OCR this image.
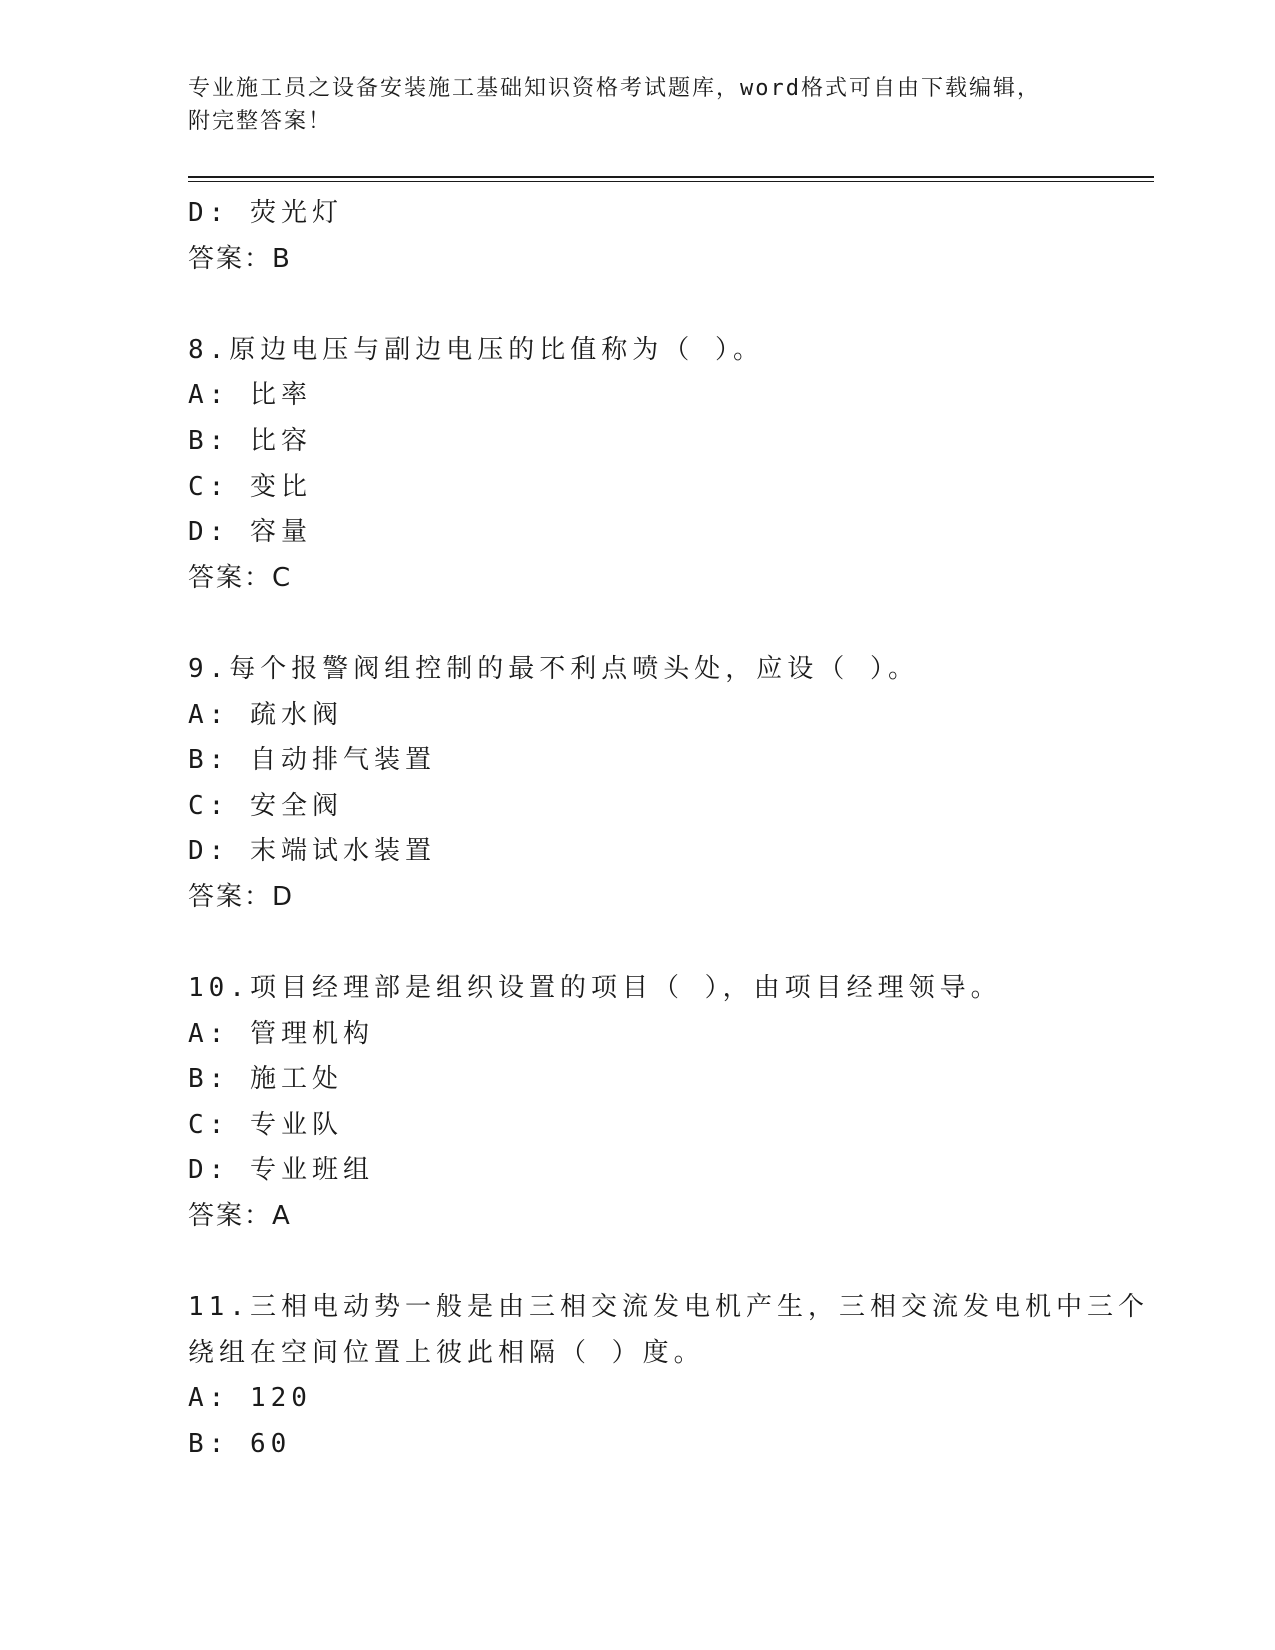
专业施工员之设备安装施工基础知识资格考试题库，word格式可自由下载编辑，
附完整答案！
D: 荧光灯
答案：B
8.原边电压与副边电压的比值称为（ ）。
A: 比率
B: 比容
C: 变比
D: 容量
答案：C
9.每个报警阀组控制的最不利点喷头处，应设（ ）。
A: 疏水阀
B: 自动排气装置
C: 安全阀
D: 末端试水装置
答案：D
10.项目经理部是组织设置的项目（ ），由项目经理领导。
A: 管理机构
B: 施工处
C: 专业队
D: 专业班组
答案：A
11.三相电动势一般是由三相交流发电机产生，三相交流发电机中三个
绕组在空间位置上彼此相隔（ ）度。
A: 120
B: 60
